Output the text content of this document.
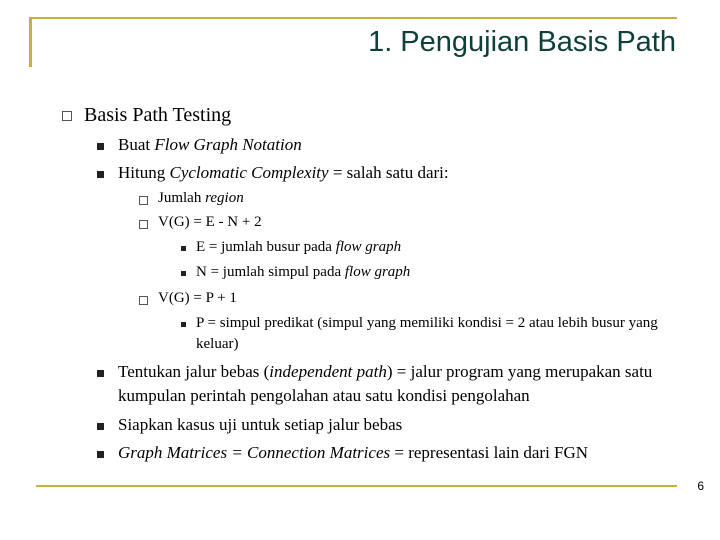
1. Pengujian Basis Path
Basis Path Testing
Buat Flow Graph Notation
Hitung Cyclomatic Complexity = salah satu dari:
Jumlah region
V(G) = E - N + 2
E = jumlah busur pada flow graph
N = jumlah simpul pada flow graph
V(G) = P + 1
P = simpul predikat (simpul yang memiliki kondisi = 2 atau lebih busur yang
keluar)
Tentukan jalur bebas (independent path) = jalur program yang merupakan satu
kumpulan perintah pengolahan atau satu kondisi pengolahan
Siapkan kasus uji untuk setiap jalur bebas
Graph Matrices = Connection Matrices = representasi lain dari FGN
6
